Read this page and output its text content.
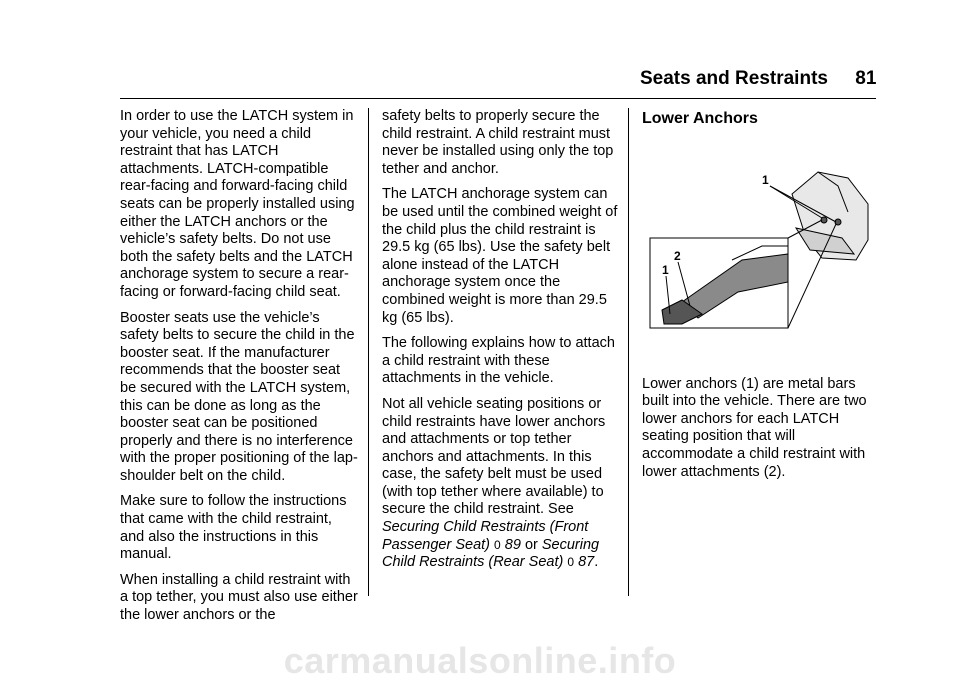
Seats and Restraints 81

In order to use the LATCH system in your vehicle, you need a child restraint that has LATCH attachments. LATCH-compatible rear-facing and forward-facing child seats can be properly installed using either the LATCH anchors or the vehicle’s safety belts. Do not use both the safety belts and the LATCH anchorage system to secure a rear-facing or forward-facing child seat.

Booster seats use the vehicle’s safety belts to secure the child in the booster seat. If the manufacturer recommends that the booster seat be secured with the LATCH system, this can be done as long as the booster seat can be positioned properly and there is no interference with the proper positioning of the lap-shoulder belt on the child.

Make sure to follow the instructions that came with the child restraint, and also the instructions in this manual.

When installing a child restraint with a top tether, you must also use either the lower anchors or the

safety belts to properly secure the child restraint. A child restraint must never be installed using only the top tether and anchor.

The LATCH anchorage system can be used until the combined weight of the child plus the child restraint is 29.5 kg (65 lbs). Use the safety belt alone instead of the LATCH anchorage system once the combined weight is more than 29.5 kg (65 lbs).

The following explains how to attach a child restraint with these attachments in the vehicle.

Not all vehicle seating positions or child restraints have lower anchors and attachments or top tether anchors and attachments. In this case, the safety belt must be used (with top tether where available) to secure the child restraint. See Securing Child Restraints (Front Passenger Seat) 0 89 or Securing Child Restraints (Rear Seat) 0 87.

Lower Anchors
1
1
2

Lower anchors (1) are metal bars built into the vehicle. There are two lower anchors for each LATCH seating position that will accommodate a child restraint with lower attachments (2).

carmanualsonline.info
